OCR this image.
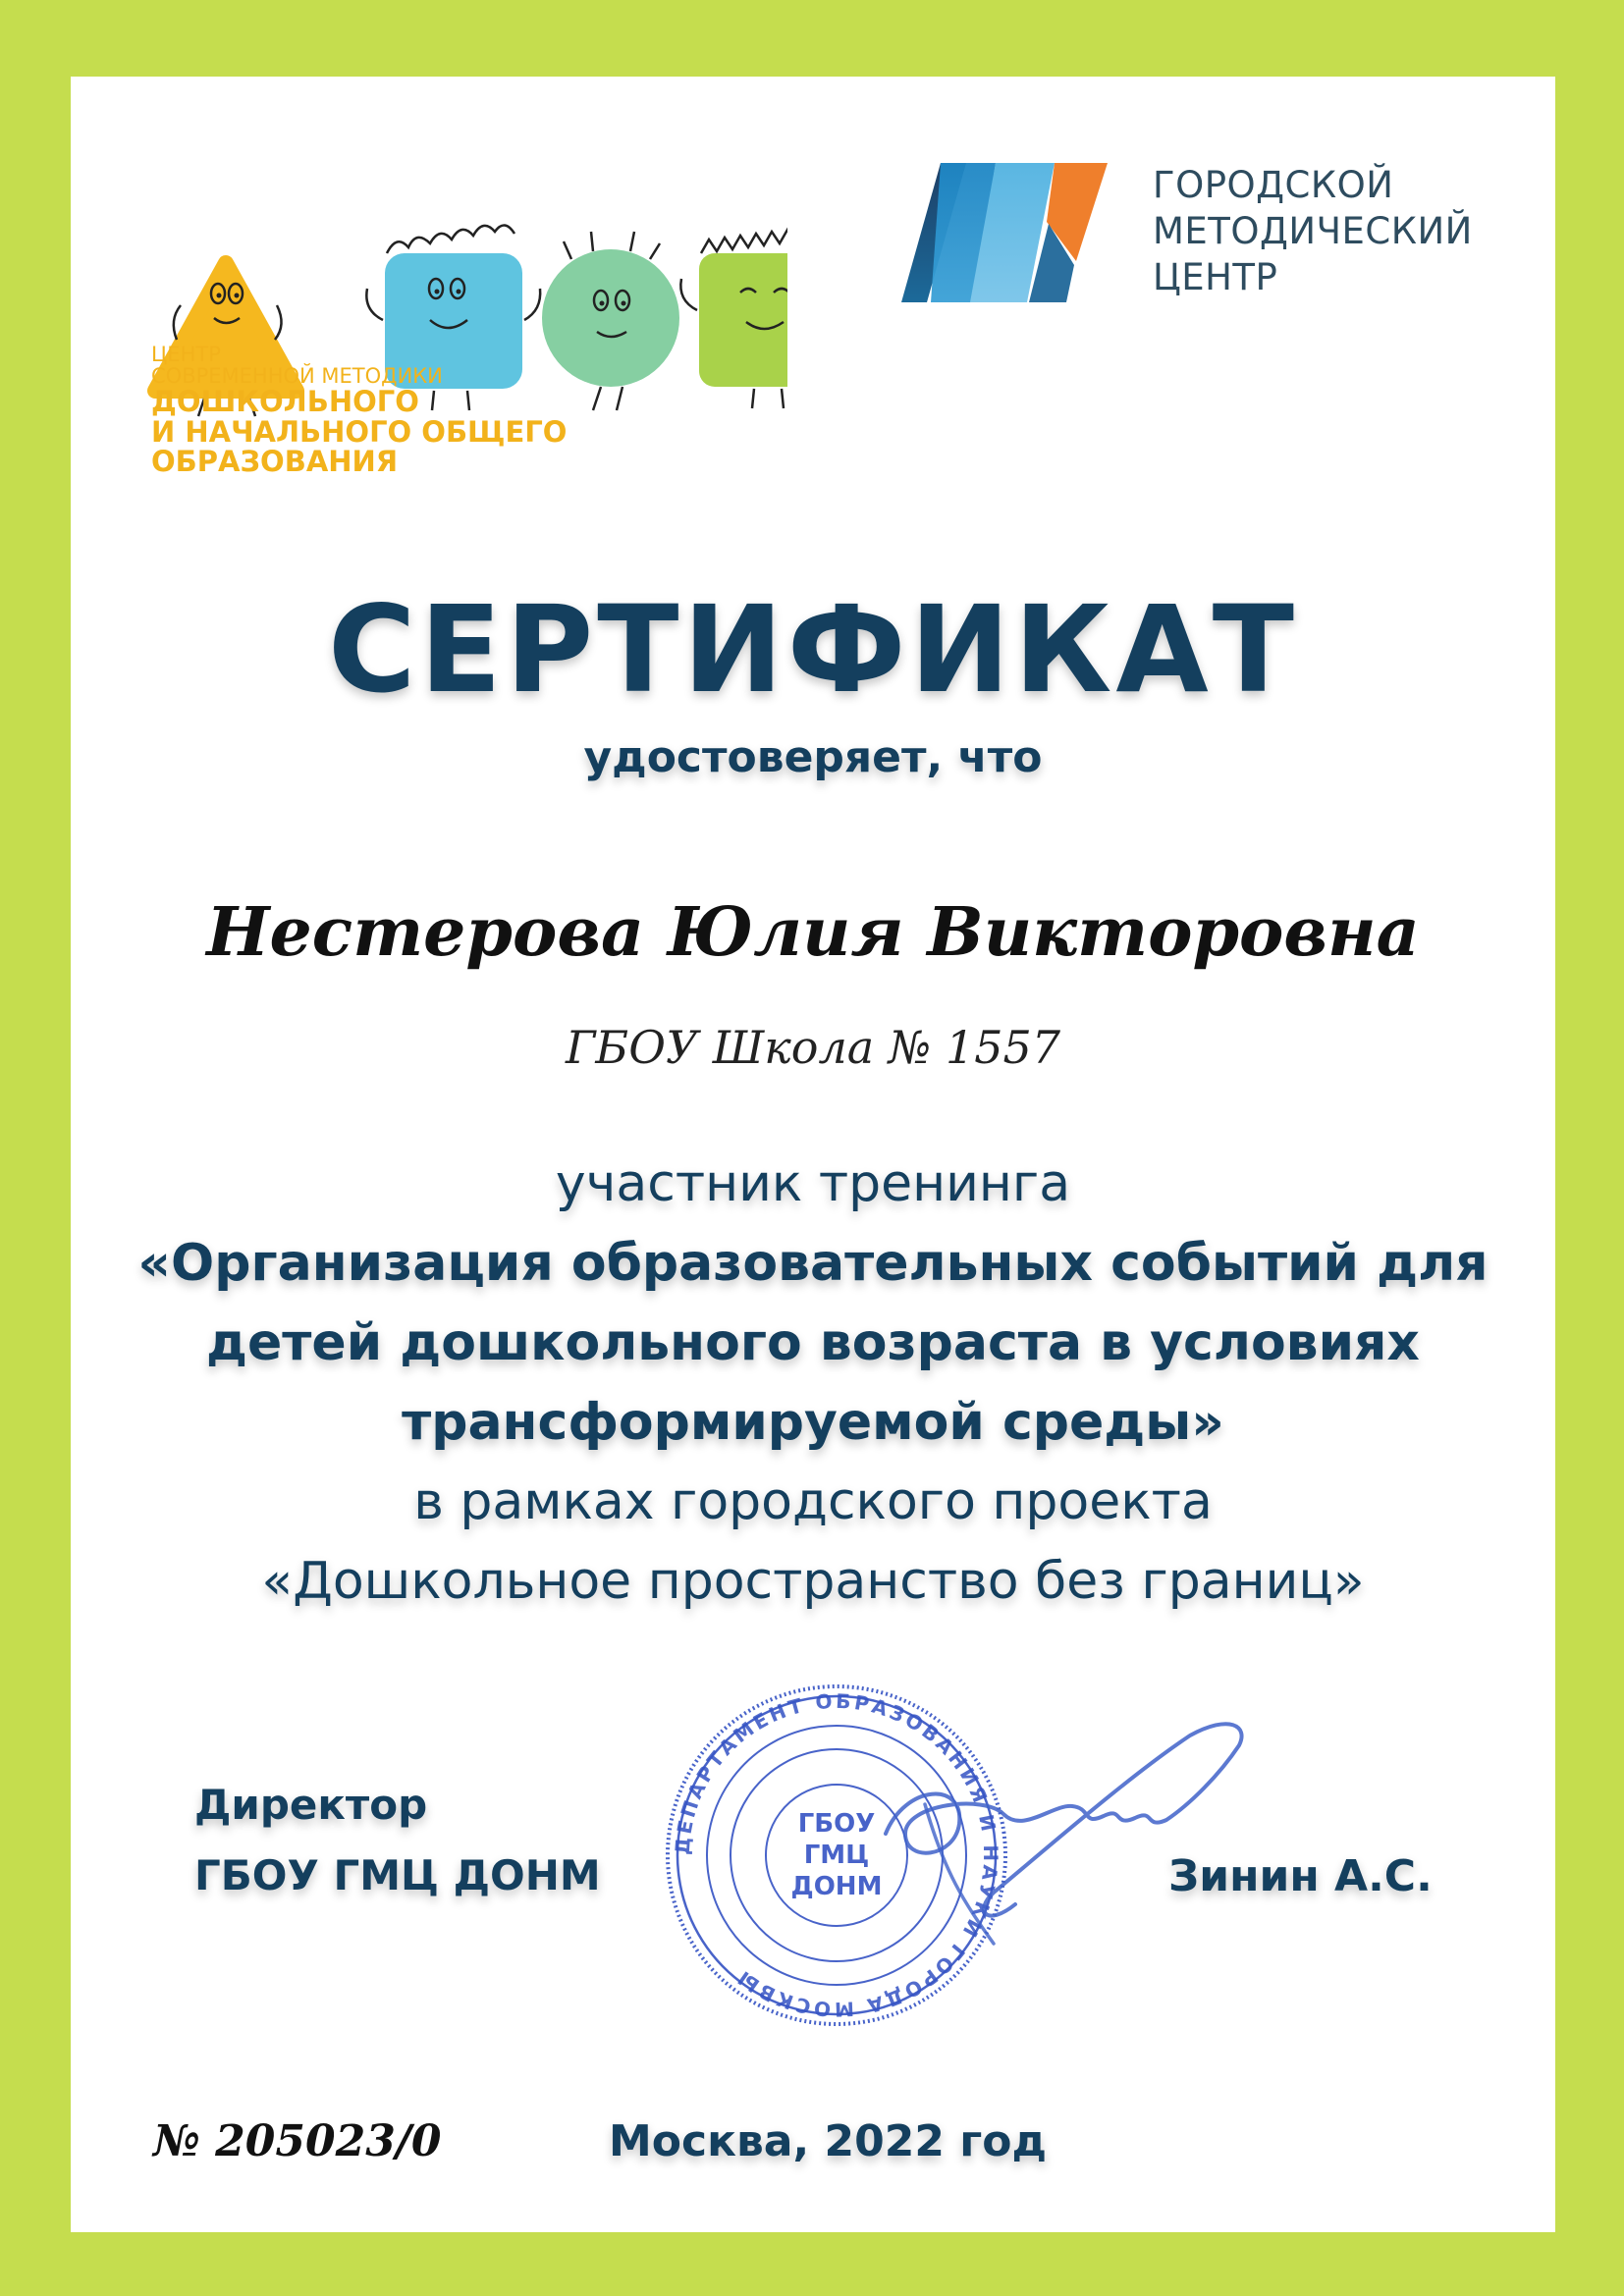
ЦЕНТР
СОВРЕМЕННОЙ МЕТОДИКИ
ДОШКОЛЬНОГО
И НАЧАЛЬНОГО ОБЩЕГО
ОБРАЗОВАНИЯ
ГОРОДСКОЙ
МЕТОДИЧЕСКИЙ
ЦЕНТР
СЕРТИФИКАТ
удостоверяет, что
Нестерова Юлия Викторовна
ГБОУ Школа № 1557
участник тренинга
«Организация образовательных событий для
детей дошкольного возраста в условиях
трансформируемой среды»
в рамках городского проекта
«Дошкольное пространство без границ»
Директор
ГБОУ ГМЦ ДОНМ
ДЕПАРТАМЕНТ ОБРАЗОВАНИЯ И НАУКИ ГОРОДА МОСКВЫ
ГБОУ
ГМЦ
ДОНМ	Зинин А.С.
№ 205023/0	Москва, 2022 год
